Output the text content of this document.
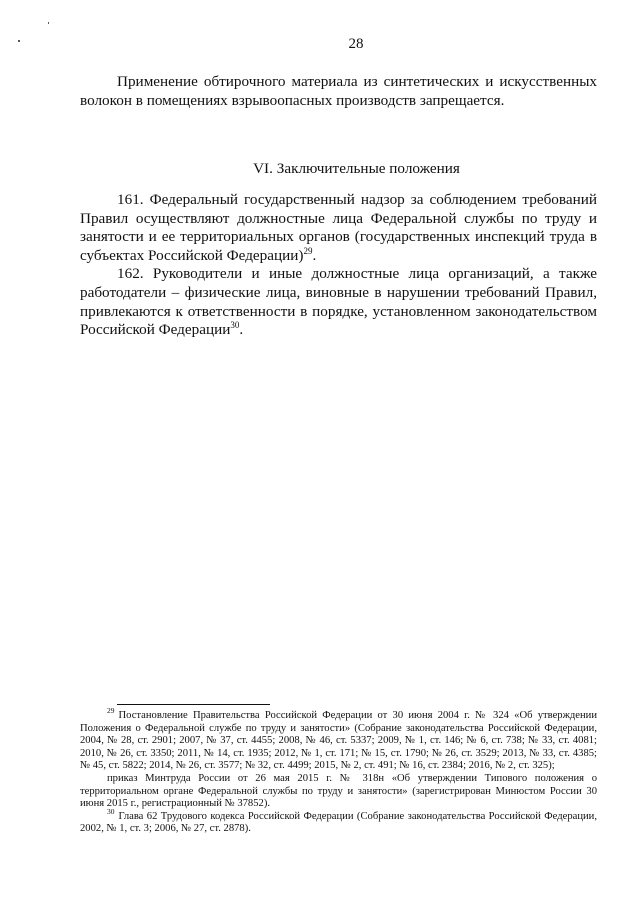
28

Применение обтирочного материала из синтетических и искусственных волокон в помещениях взрывоопасных производств запрещается.

VI. Заключительные положения

161. Федеральный государственный надзор за соблюдением требований Правил осуществляют должностные лица Федеральной службы по труду и занятости и ее территориальных органов (государственных инспекций труда в субъектах Российской Федерации)$^{29}$.

162. Руководители и иные должностные лица организаций, а также работодатели – физические лица, виновные в нарушении требований Правил, привлекаются к ответственности в порядке, установленном законодательством Российской Федерации$^{30}$.

$^{29}$ Постановление Правительства Российской Федерации от 30 июня 2004 г. № 324 «Об утверждении Положения о Федеральной службе по труду и занятости» (Собрание законодательства Российской Федерации, 2004, № 28, ст. 2901; 2007, № 37, ст. 4455; 2008, № 46, ст. 5337; 2009, № 1, ст. 146; № 6, ст. 738; № 33, ст. 4081; 2010, № 26, ст. 3350; 2011, № 14, ст. 1935; 2012, № 1, ст. 171; № 15, ст. 1790; № 26, ст. 3529; 2013, № 33, ст. 4385; № 45, ст. 5822; 2014, № 26, ст. 3577; № 32, ст. 4499; 2015, № 2, ст. 491; № 16, ст. 2384; 2016, № 2, ст. 325);

приказ Минтруда России от 26 мая 2015 г. № 318н «Об утверждении Типового положения о территориальном органе Федеральной службы по труду и занятости» (зарегистрирован Минюстом России 30 июня 2015 г., регистрационный № 37852).

$^{30}$ Глава 62 Трудового кодекса Российской Федерации (Собрание законодательства Российской Федерации, 2002, № 1, ст. 3; 2006, № 27, ст. 2878).
